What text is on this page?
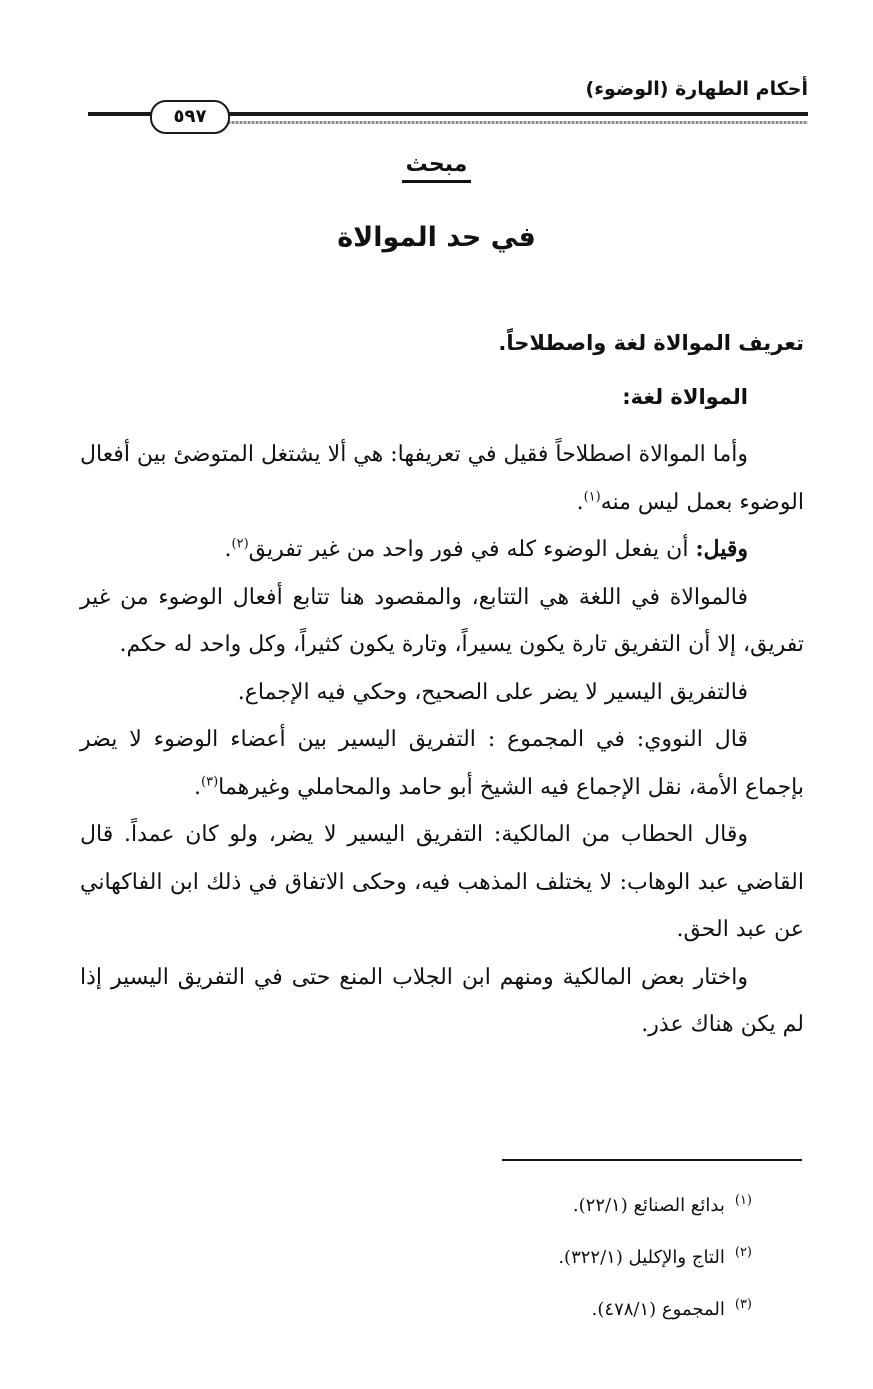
أحكام الطهارة (الوضوء)
٥٩٧
مبحث
في حد الموالاة

تعريف الموالاة لغة واصطلاحاً.

الموالاة لغة:

وأما الموالاة اصطلاحاً فقيل في تعريفها: هي ألا يشتغل المتوضئ بين أفعال الوضوء بعمل ليس منه$^{(١)}$.

وقيل: أن يفعل الوضوء كله في فور واحد من غير تفريق$^{(٢)}$.

فالموالاة في اللغة هي التتابع، والمقصود هنا تتابع أفعال الوضوء من غير تفريق، إلا أن التفريق تارة يكون يسيراً، وتارة يكون كثيراً، وكل واحد له حكم.

فالتفريق اليسير لا يضر على الصحيح، وحكي فيه الإجماع.

قال النووي: في المجموع : التفريق اليسير بين أعضاء الوضوء لا يضر بإجماع الأمة، نقل الإجماع فيه الشيخ أبو حامد والمحاملي وغيرهما$^{(٣)}$.

وقال الحطاب من المالكية: التفريق اليسير لا يضر، ولو كان عمداً. قال القاضي عبد الوهاب: لا يختلف المذهب فيه، وحكى الاتفاق في ذلك ابن الفاكهاني عن عبد الحق.

واختار بعض المالكية ومنهم ابن الجلاب المنع حتى في التفريق اليسير إذا لم يكن هناك عذر.

$^{(١)}$بدائع الصنائع (٢٢/١).

$^{(٢)}$التاج والإكليل (٣٢٢/١).

$^{(٣)}$المجموع (٤٧٨/١).
